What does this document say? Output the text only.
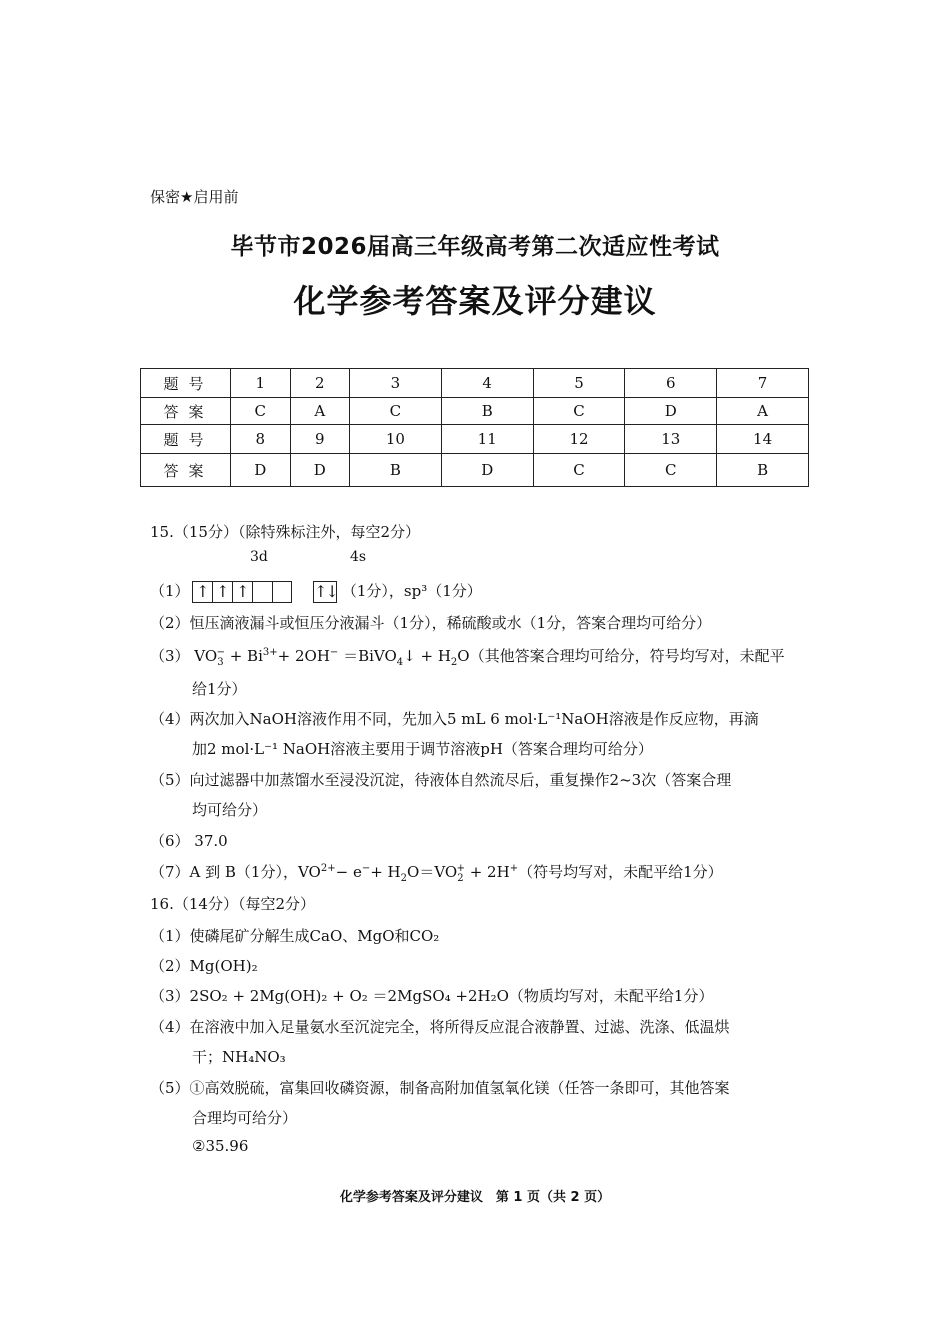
保密★启用前
毕节市2026届高三年级高考第二次适应性考试
化学参考答案及评分建议
题号	1	2	3	4	5	6	7
答案	C	A	C	B	C	D	A
题号	8	9	10	11	12	13	14
答案	D	D	B	D	C	C	B
15.（15分）（除特殊标注外，每空2分）
3d	4s
（1） ↑ ↑ ↑	↑↓ （1分），sp³（1分）
（2）恒压滴液漏斗或恒压分液漏斗（1分），稀硫酸或水（1分，答案合理均可给分）
（3） $VO_3^- + Bi^{3+}+ 2OH^-$ ＝BiVO$_4$↓ + $H_2O$（其他答案合理均可给分，符号均写对，未配平
给1分）
（4）两次加入NaOH溶液作用不同，先加入5 mL 6 mol·L⁻¹NaOH溶液是作反应物，再滴
加2 mol·L⁻¹ NaOH溶液主要用于调节溶液pH（答案合理均可给分）
（5）向过滤器中加蒸馏水至浸没沉淀，待液体自然流尽后，重复操作2~3次（答案合理
均可给分）
（6） 37.0
（7）A 到 B（1分），$VO^{2+}- e^-+ H_2O=VO_2^+ + 2H^+$（符号均写对，未配平给1分）
16.（14分）（每空2分）
（1）使磷尾矿分解生成CaO、MgO和CO₂
（2）Mg(OH)₂
（3）2SO₂ + 2Mg(OH)₂ + O₂ ＝2MgSO₄ +2H₂O（物质均写对，未配平给1分）
（4）在溶液中加入足量氨水至沉淀完全，将所得反应混合液静置、过滤、洗涤、低温烘
干；NH₄NO₃
（5）①高效脱硫，富集回收磷资源，制备高附加值氢氧化镁（任答一条即可，其他答案
合理均可给分）
②35.96
化学参考答案及评分建议　第 1 页（共 2 页）
